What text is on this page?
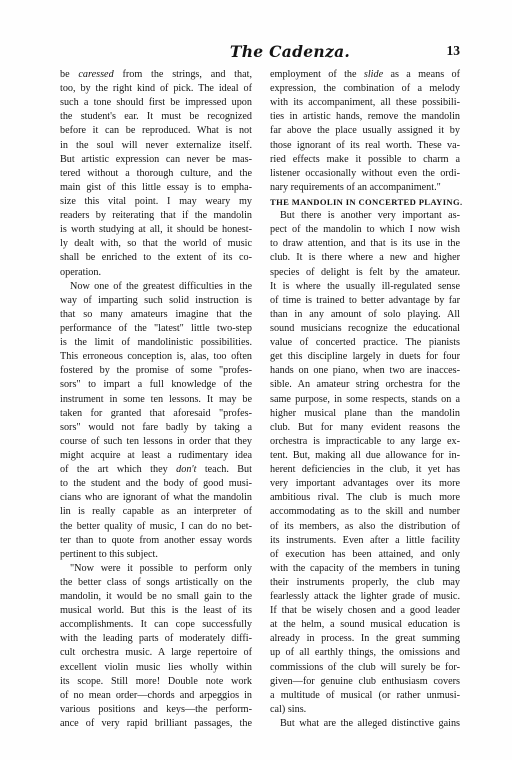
The Cadenza.	13
be caressed from the strings, and that,
too, by the right kind of pick. The ideal of
such a tone should first be impressed upon
the student's ear. It must be recognized
before it can be reproduced. What is not
in the soul will never externalize itself.
But artistic expression can never be mas-
tered without a thorough culture, and the
main gist of this little essay is to empha-
size this vital point. I may weary my
readers by reiterating that if the mandolin
is worth studying at all, it should be honest-
ly dealt with, so that the world of music
shall be enriched to the extent of its co-
operation.
Now one of the greatest difficulties in the
way of imparting such solid instruction is
that so many amateurs imagine that the
performance of the "latest" little two-step
is the limit of mandolinistic possibilities.
This erroneous conception is, alas, too often
fostered by the promise of some "profes-
sors" to impart a full knowledge of the
instrument in some ten lessons. It may be
taken for granted that aforesaid "profes-
sors" would not fare badly by taking a
course of such ten lessons in order that they
might acquire at least a rudimentary idea
of the art which they don't teach. But
to the student and the body of good musi-
cians who are ignorant of what the mandolin
lin is really capable as an interpreter of
the better quality of music, I can do no bet-
ter than to quote from another essay words
pertinent to this subject.
"Now were it possible to perform only
the better class of songs artistically on the
mandolin, it would be no small gain to the
musical world. But this is the least of its
accomplishments. It can cope successfully
with the leading parts of moderately diffi-
cult orchestra music. A large repertoire of
excellent violin music lies wholly within
its scope. Still more! Double note work
of no mean order—chords and arpeggios in
various positions and keys—the perform-
ance of very rapid brilliant passages, the
employment of the slide as a means of
expression, the combination of a melody
with its accompaniment, all these possibili-
ties in artistic hands, remove the mandolin
far above the place usually assigned it by
those ignorant of its real worth. These va-
ried effects make it possible to charm a
listener occasionally without even the ordi-
nary requirements of an accompaniment."
THE MANDOLIN IN CONCERTED PLAYING.
But there is another very important as-
pect of the mandolin to which I now wish
to draw attention, and that is its use in the
club. It is there where a new and higher
species of delight is felt by the amateur.
It is where the usually ill-regulated sense
of time is trained to better advantage by far
than in any amount of solo playing. All
sound musicians recognize the educational
value of concerted practice. The pianists
get this discipline largely in duets for four
hands on one piano, when two are inacces-
sible. An amateur string orchestra for the
same purpose, in some respects, stands on a
higher musical plane than the mandolin
club. But for many evident reasons the
orchestra is impracticable to any large ex-
tent. But, making all due allowance for in-
herent deficiencies in the club, it yet has
very important advantages over its more
ambitious rival. The club is much more
accommodating as to the skill and number
of its members, as also the distribution of
its instruments. Even after a little facility
of execution has been attained, and only
with the capacity of the members in tuning
their instruments properly, the club may
fearlessly attack the lighter grade of music.
If that be wisely chosen and a good leader
at the helm, a sound musical education is
already in process. In the great summing
up of all earthly things, the omissions and
commissions of the club will surely be for-
given—for genuine club enthusiasm covers
a multitude of musical (or rather unmusi-
cal) sins.
But what are the alleged distinctive gains
